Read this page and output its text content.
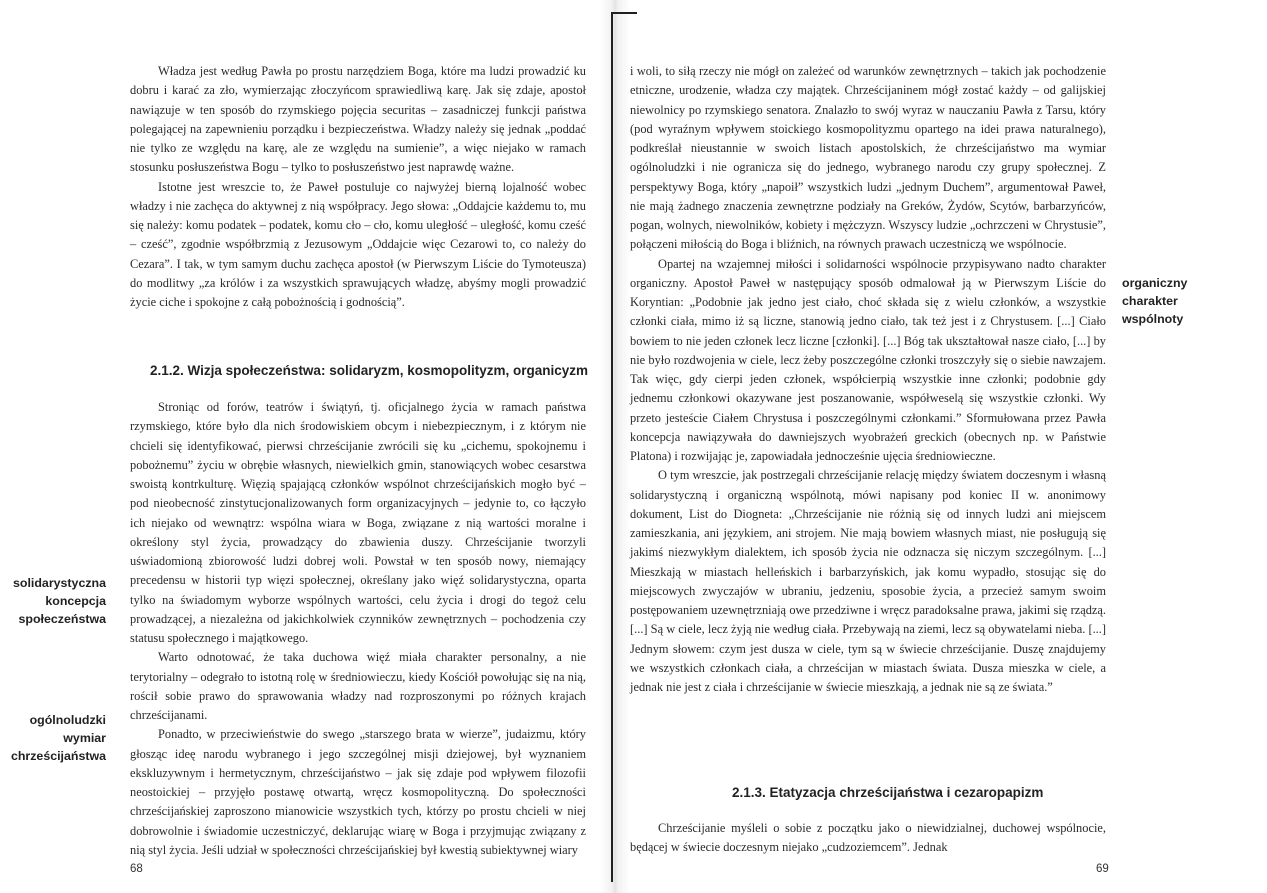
Władza jest według Pawła po prostu narzędziem Boga, które ma ludzi prowadzić ku dobru i karać za zło, wymierzając złoczyńcom sprawiedliwą karę. Jak się zdaje, apostoł nawiązuje w ten sposób do rzymskiego pojęcia securitas – zasadniczej funkcji państwa polegającej na zapewnieniu porządku i bezpieczeństwa. Władzy należy się jednak „poddać nie tylko ze względu na karę, ale ze względu na sumienie”, a więc niejako w ramach stosunku posłuszeństwa Bogu – tylko to posłuszeństwo jest naprawdę ważne.

Istotne jest wreszcie to, że Paweł postuluje co najwyżej bierną lojalność wobec władzy i nie zachęca do aktywnej z nią współpracy. Jego słowa: „Oddajcie każdemu to, mu się należy: komu podatek – podatek, komu cło – cło, komu uległość – uległość, komu cześć – cześć”, zgodnie współbrzmią z Jezusowym „Oddajcie więc Cezarowi to, co należy do Cezara”. I tak, w tym samym duchu zachęca apostoł (w Pierwszym Liście do Tymoteusza) do modlitwy „za królów i za wszystkich sprawujących władzę, abyśmy mogli prowadzić życie ciche i spokojne z całą pobożnością i godnością”.

2.1.2. Wizja społeczeństwa: solidaryzm, kosmopolityzm, organicyzm

Stroniąc od forów, teatrów i świątyń, tj. oficjalnego życia w ramach państwa rzymskiego, które było dla nich środowiskiem obcym i niebezpiecznym, i z którym nie chcieli się identyfikować, pierwsi chrześcijanie zwrócili się ku „cichemu, spokojnemu i pobożnemu” życiu w obrębie własnych, niewielkich gmin, stanowiących wobec cesarstwa swoistą kontrkulturę. Więzią spajającą członków wspólnot chrześcijańskich mogło być – pod nieobecność zinstytucjonalizowanych form organizacyjnych – jedynie to, co łączyło ich niejako od wewnątrz: wspólna wiara w Boga, związane z nią wartości moralne i określony styl życia, prowadzący do zbawienia duszy. Chrześcijanie tworzyli uświadomioną zbiorowość ludzi dobrej woli. Powstał w ten sposób nowy, niemający precedensu w historii typ więzi społecznej, określany jako więź solidarystyczna, oparta tylko na świadomym wyborze wspólnych wartości, celu życia i drogi do tegoż celu prowadzącej, a niezależna od jakichkolwiek czynników zewnętrznych – pochodzenia czy statusu społecznego i majątkowego.

Warto odnotować, że taka duchowa więź miała charakter personalny, a nie terytorialny – odegrało to istotną rolę w średniowieczu, kiedy Kościół powołując się na nią, rościł sobie prawo do sprawowania władzy nad rozproszonymi po różnych krajach chrześcijanami.

Ponadto, w przeciwieństwie do swego „starszego brata w wierze”, judaizmu, który głosząc ideę narodu wybranego i jego szczególnej misji dziejowej, był wyznaniem ekskluzywnym i hermetycznym, chrześcijaństwo – jak się zdaje pod wpływem filozofii neostoickiej – przyjęło postawę otwartą, wręcz kosmopolityczną. Do społeczności chrześcijańskiej zaproszono mianowicie wszystkich tych, którzy po prostu chcieli w niej dobrowolnie i świadomie uczestniczyć, deklarując wiarę w Boga i przyjmując związany z nią styl życia. Jeśli udział w społeczności chrześcijańskiej był kwestią subiektywnej wiary

solidarystyczna
koncepcja
społeczeństwa
ogólnoludzki
wymiar
chrześcijaństwa
68

i woli, to siłą rzeczy nie mógł on zależeć od warunków zewnętrznych – takich jak pochodzenie etniczne, urodzenie, władza czy majątek. Chrześcijaninem mógł zostać każdy – od galijskiej niewolnicy po rzymskiego senatora. Znalazło to swój wyraz w nauczaniu Pawła z Tarsu, który (pod wyraźnym wpływem stoickiego kosmopolityzmu opartego na idei prawa naturalnego), podkreślał nieustannie w swoich listach apostolskich, że chrześcijaństwo ma wymiar ogólnoludzki i nie ogranicza się do jednego, wybranego narodu czy grupy społecznej. Z perspektywy Boga, który „napoił” wszystkich ludzi „jednym Duchem”, argumentował Paweł, nie mają żadnego znaczenia zewnętrzne podziały na Greków, Żydów, Scytów, barbarzyńców, pogan, wolnych, niewolników, kobiety i mężczyzn. Wszyscy ludzie „ochrzczeni w Chrystusie”, połączeni miłością do Boga i bliźnich, na równych prawach uczestniczą we wspólnocie.

Opartej na wzajemnej miłości i solidarności wspólnocie przypisywano nadto charakter organiczny. Apostoł Paweł w następujący sposób odmalował ją w Pierwszym Liście do Koryntian: „Podobnie jak jedno jest ciało, choć składa się z wielu członków, a wszystkie członki ciała, mimo iż są liczne, stanowią jedno ciało, tak też jest i z Chrystusem. [...] Ciało bowiem to nie jeden członek lecz liczne [członki]. [...] Bóg tak ukształtował nasze ciało, [...] by nie było rozdwojenia w ciele, lecz żeby poszczególne członki troszczyły się o siebie nawzajem. Tak więc, gdy cierpi jeden członek, współcierpią wszystkie inne członki; podobnie gdy jednemu członkowi okazywane jest poszanowanie, współweselą się wszystkie członki. Wy przeto jesteście Ciałem Chrystusa i poszczególnymi członkami.” Sformułowana przez Pawła koncepcja nawiązywała do dawniejszych wyobrażeń greckich (obecnych np. w Państwie Platona) i rozwijając je, zapowiadała jednocześnie ujęcia średniowieczne.

O tym wreszcie, jak postrzegali chrześcijanie relację między światem doczesnym i własną solidarystyczną i organiczną wspólnotą, mówi napisany pod koniec II w. anonimowy dokument, List do Diogneta: „Chrześcijanie nie różnią się od innych ludzi ani miejscem zamieszkania, ani językiem, ani strojem. Nie mają bowiem własnych miast, nie posługują się jakimś niezwykłym dialektem, ich sposób życia nie odznacza się niczym szczególnym. [...] Mieszkają w miastach helleńskich i barbarzyńskich, jak komu wypadło, stosując się do miejscowych zwyczajów w ubraniu, jedzeniu, sposobie życia, a przecież samym swoim postępowaniem uzewnętrzniają owe przedziwne i wręcz paradoksalne prawa, jakimi się rządzą. [...] Są w ciele, lecz żyją nie według ciała. Przebywają na ziemi, lecz są obywatelami nieba. [...] Jednym słowem: czym jest dusza w ciele, tym są w świecie chrześcijanie. Duszę znajdujemy we wszystkich członkach ciała, a chrześcijan w miastach świata. Dusza mieszka w ciele, a jednak nie jest z ciała i chrześcijanie w świecie mieszkają, a jednak nie są ze świata.”

2.1.3. Etatyzacja chrześcijaństwa i cezaropapizm

Chrześcijanie myśleli o sobie z początku jako o niewidzialnej, duchowej wspólnocie, będącej w świecie doczesnym niejako „cudzoziemcem”. Jednak

69
organiczny
charakter
wspólnoty
